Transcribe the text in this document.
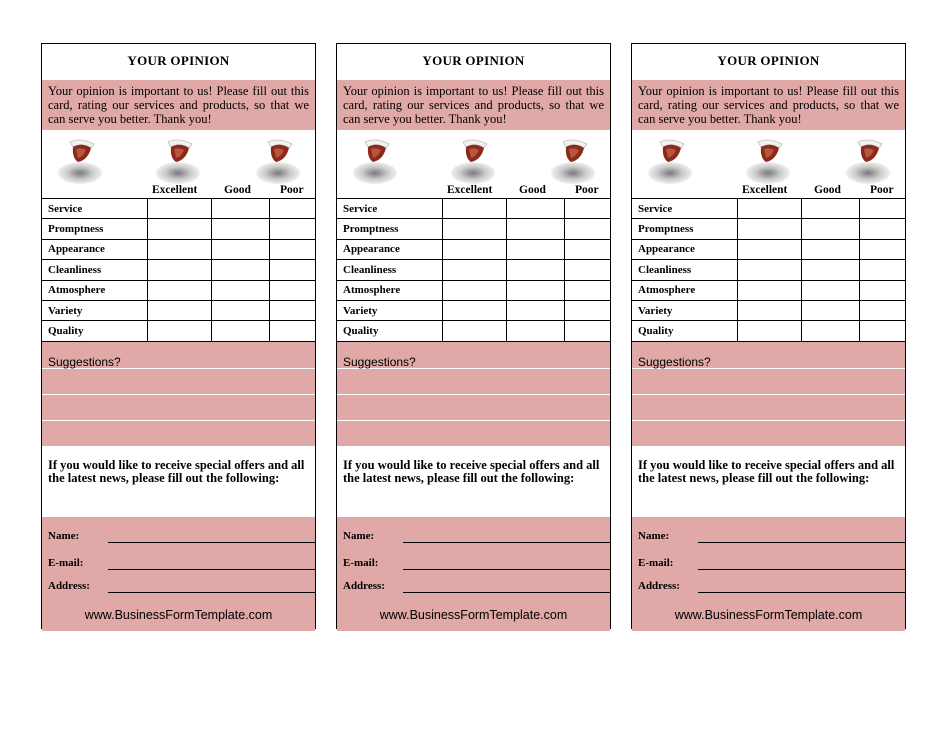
YOUR OPINION
Your opinion is important to us! Please fill out this card, rating our services and products, so that we can serve you better. Thank you!
Excellent Good	Poor
Service			
Promptness			
Appearance			
Cleanliness			
Atmosphere			
Variety			
Quality			
Suggestions?
If you would like to receive special offers and all the latest news, please fill out the following:
Name:
E-mail:
Address:
www.BusinessFormTemplate.com
YOUR OPINION
Your opinion is important to us! Please fill out this card, rating our services and products, so that we can serve you better. Thank you!
Excellent Good	Poor
Service			
Promptness			
Appearance			
Cleanliness			
Atmosphere			
Variety			
Quality			
Suggestions?
If you would like to receive special offers and all the latest news, please fill out the following:
Name:
E-mail:
Address:
www.BusinessFormTemplate.com
YOUR OPINION
Your opinion is important to us! Please fill out this card, rating our services and products, so that we can serve you better. Thank you!
Excellent Good	Poor
Service			
Promptness			
Appearance			
Cleanliness			
Atmosphere			
Variety			
Quality			
Suggestions?
If you would like to receive special offers and all the latest news, please fill out the following:
Name:
E-mail:
Address:
www.BusinessFormTemplate.com
